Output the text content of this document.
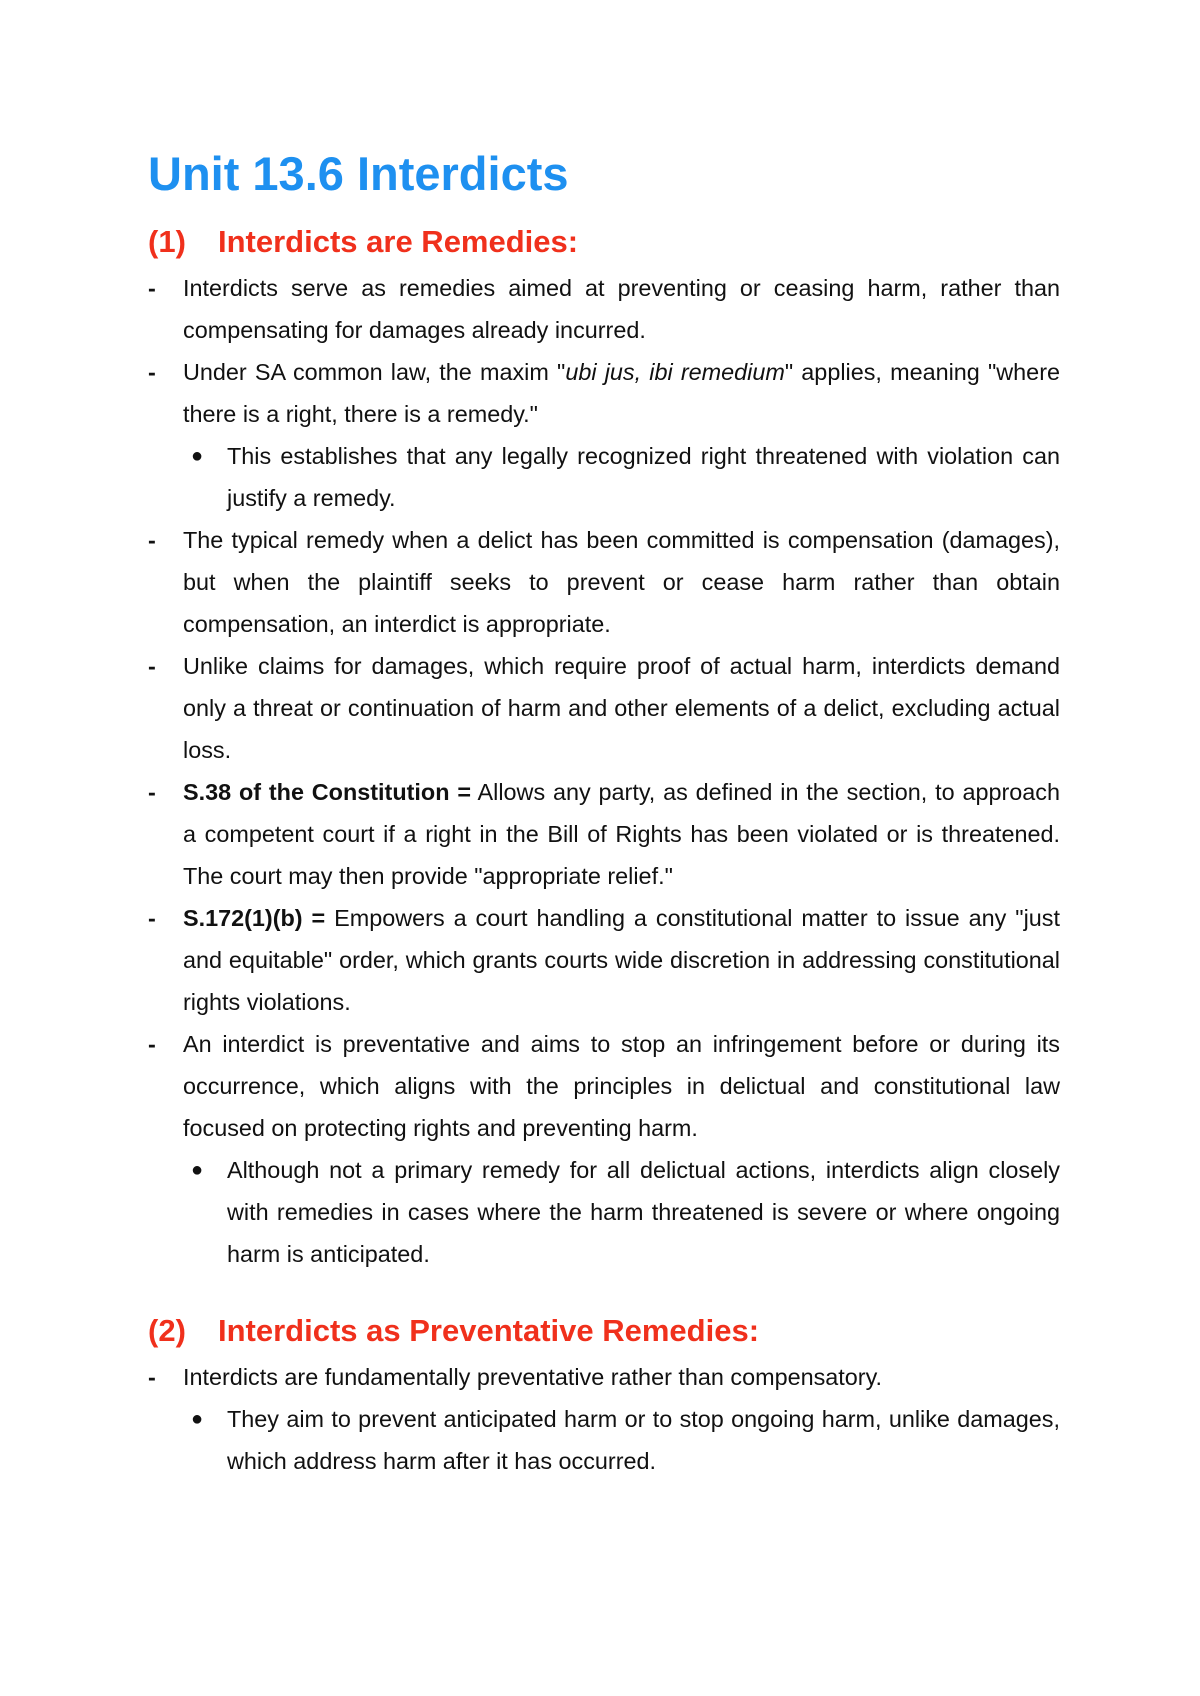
Unit 13.6 Interdicts
(1)	Interdicts are Remedies:
- Interdicts serve as remedies aimed at preventing or ceasing harm, rather than compensating for damages already incurred.
- Under SA common law, the maxim "ubi jus, ibi remedium" applies, meaning "where there is a right, there is a remedy."
● This establishes that any legally recognized right threatened with violation can justify a remedy.
- The typical remedy when a delict has been committed is compensation (damages), but when the plaintiff seeks to prevent or cease harm rather than obtain compensation, an interdict is appropriate.
- Unlike claims for damages, which require proof of actual harm, interdicts demand only a threat or continuation of harm and other elements of a delict, excluding actual loss.
- S.38 of the Constitution = Allows any party, as defined in the section, to approach a competent court if a right in the Bill of Rights has been violated or is threatened. The court may then provide "appropriate relief."
- S.172(1)(b) = Empowers a court handling a constitutional matter to issue any "just and equitable" order, which grants courts wide discretion in addressing constitutional rights violations.
- An interdict is preventative and aims to stop an infringement before or during its occurrence, which aligns with the principles in delictual and constitutional law focused on protecting rights and preventing harm.
● Although not a primary remedy for all delictual actions, interdicts align closely with remedies in cases where the harm threatened is severe or where ongoing harm is anticipated.
(2)	Interdicts as Preventative Remedies:
- Interdicts are fundamentally preventative rather than compensatory.
● They aim to prevent anticipated harm or to stop ongoing harm, unlike damages, which address harm after it has occurred.
